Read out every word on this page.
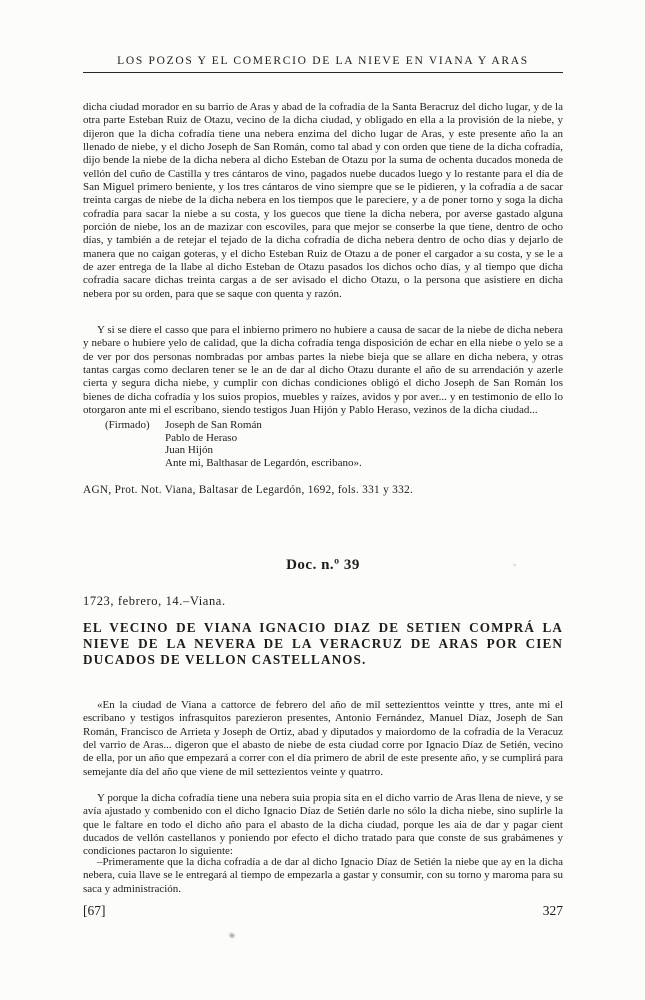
LOS POZOS Y EL COMERCIO DE LA NIEVE EN VIANA Y ARAS

dicha ciudad morador en su barrio de Aras y abad de la cofradía de la Santa Beracruz del dicho lugar, y de la otra parte Esteban Ruiz de Otazu, vecino de la dicha ciudad, y obligado en ella a la provisión de la niebe, y dijeron que la dicha cofradía tiene una nebera enzima del dicho lugar de Aras, y este presente año la an llenado de niebe, y el dicho Joseph de San Román, como tal abad y con orden que tiene de la dicha cofradía, dijo bende la niebe de la dicha nebera al dicho Esteban de Otazu por la suma de ochenta ducados moneda de vellón del cuño de Castilla y tres cántaros de vino, pagados nuebe ducados luego y lo restante para el día de San Miguel primero beniente, y los tres cántaros de vino siempre que se le pidieren, y la cofradía a de sacar treinta cargas de niebe de la dicha nebera en los tiempos que le pareciere, y a de poner torno y soga la dicha cofradía para sacar la niebe a su costa, y los guecos que tiene la dicha nebera, por averse gastado alguna porción de niebe, los an de mazizar con escoviles, para que mejor se conserbe la que tiene, dentro de ocho días, y también a de retejar el tejado de la dicha cofradía de dicha nebera dentro de ocho días y dejarlo de manera que no caigan goteras, y el dicho Esteban Ruiz de Otazu a de poner el cargador a su costa, y se le a de azer entrega de la llabe al dicho Esteban de Otazu pasados los dichos ocho días, y al tiempo que dicha cofradía sacare dichas treinta cargas a de ser avisado el dicho Otazu, o la persona que asistiere en dicha nebera por su orden, para que se saque con quenta y razón.

Y si se diere el casso que para el inbierno primero no hubiere a causa de sacar de la niebe de dicha nebera y nebare o hubiere yelo de calidad, que la dicha cofradía tenga disposición de echar en ella niebe o yelo se a de ver por dos personas nombradas por ambas partes la niebe bieja que se allare en dicha nebera, y otras tantas cargas como declaren tener se le an de dar al dicho Otazu durante el año de su arrendación y azerle cierta y segura dicha niebe, y cumplir con dichas condiciones obligó el dicho Joseph de San Román los bienes de dicha cofradía y los suios propios, muebles y raízes, avidos y por aver... y en testimonio de ello lo otorgaron ante mi el escribano, siendo testigos Juan Hijón y Pablo Heraso, vezinos de la dicha ciudad...

(Firmado)	Joseph de San Román
Pablo de Heraso
Juan Hijón
Ante mi, Balthasar de Legardón, escribano».
AGN, Prot. Not. Viana, Baltasar de Legardón, 1692, fols. 331 y 332.
Doc. n.º 39
1723, febrero, 14.–Viana.
EL VECINO DE VIANA IGNACIO DIAZ DE SETIEN COMPRÁ LA NIEVE DE LA NEVERA DE LA VERACRUZ DE ARAS POR CIEN DUCADOS DE VELLON CASTELLANOS.

«En la ciudad de Viana a cattorce de febrero del año de mil settezienttos veintte y ttres, ante mi el escribano y testigos infrasquitos parezieron presentes, Antonio Fernández, Manuel Díaz, Joseph de San Román, Francisco de Arrieta y Joseph de Ortiz, abad y diputados y maiordomo de la cofradía de la Veracuz del varrio de Aras... digeron que el abasto de niebe de esta ciudad corre por Ignacio Díaz de Setién, vecino de ella, por un año que empezará a correr con el día primero de abril de este presente año, y se cumplirá para semejante día del año que viene de mil settezientos veinte y quatrro.

Y porque la dicha cofradía tiene una nebera suia propia sita en el dicho varrio de Aras llena de nieve, y se avía ajustado y combenido con el dicho Ignacio Díaz de Setién darle no sólo la dicha niebe, sino suplirle la que le faltare en todo el dicho año para el abasto de la dicha ciudad, porque les aia de dar y pagar cient ducados de vellón castellanos y poniendo por efecto el dicho tratado para que conste de sus grabámenes y condiciones pactaron lo siguiente:

–Primeramente que la dicha cofradía a de dar al dicho Ignacio Díaz de Setién la niebe que ay en la dicha nebera, cuia llave se le entregará al tiempo de empezarla a gastar y consumir, con su torno y maroma para su saca y administración.

[67]	327
